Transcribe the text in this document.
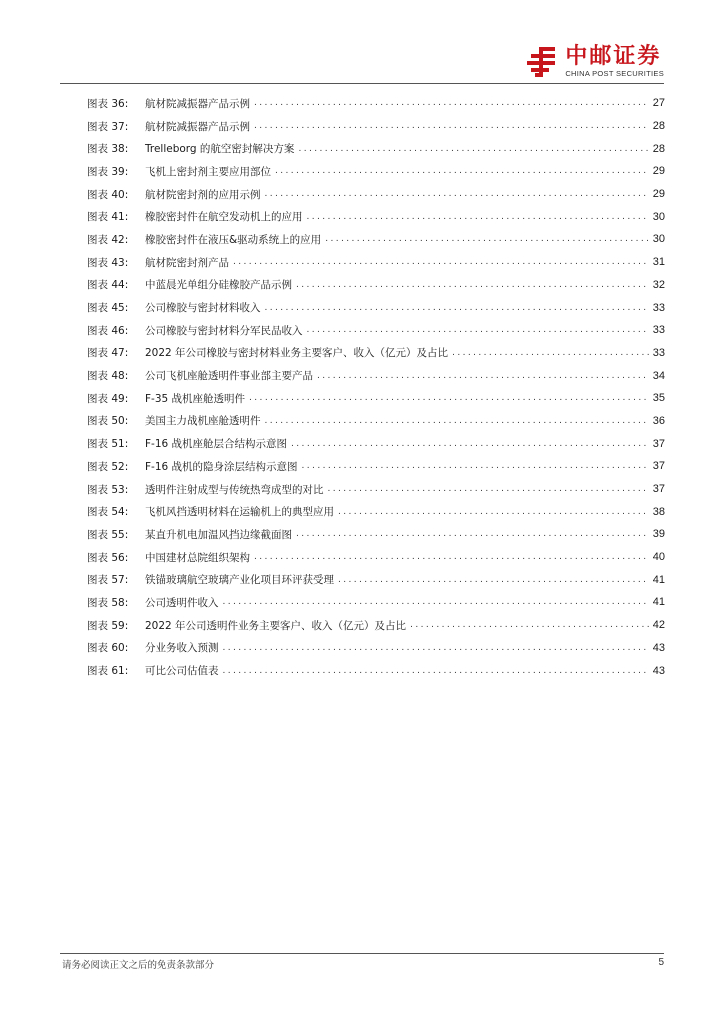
中邮证券
CHINA POST SECURITIES
图表 36:	航材院减振器产品示例 .....	27
图表 37:	航材院减振器产品示例 .....	28
图表 38:	Trelleborg 的航空密封解决方案 .....	28
图表 39:	飞机上密封剂主要应用部位 .....	29
图表 40:	航材院密封剂的应用示例 .....	29
图表 41:	橡胶密封件在航空发动机上的应用 .....	30
图表 42:	橡胶密封件在液压&驱动系统上的应用 .....	30
图表 43:	航材院密封剂产品 .....	31
图表 44:	中蓝晨光单组分硅橡胶产品示例 .....	32
图表 45:	公司橡胶与密封材料收入 .....	33
图表 46:	公司橡胶与密封材料分军民品收入 .....	33
图表 47:	2022 年公司橡胶与密封材料业务主要客户、收入（亿元）及占比 .....	33
图表 48:	公司飞机座舱透明件事业部主要产品 .....	34
图表 49:	F-35 战机座舱透明件 .....	35
图表 50:	美国主力战机座舱透明件 .....	36
图表 51:	F-16 战机座舱层合结构示意图 .....	37
图表 52:	F-16 战机的隐身涂层结构示意图 .....	37
图表 53:	透明件注射成型与传统热弯成型的对比 .....	37
图表 54:	飞机风挡透明材料在运输机上的典型应用 .....	38
图表 55:	某直升机电加温风挡边缘截面图 .....	39
图表 56:	中国建材总院组织架构 .....	40
图表 57:	铁锚玻璃航空玻璃产业化项目环评获受理 .....	41
图表 58:	公司透明件收入 .....	41
图表 59:	2022 年公司透明件业务主要客户、收入（亿元）及占比 .....	42
图表 60:	分业务收入预测 .....	43
图表 61:	可比公司估值表 .....	43
请务必阅读正文之后的免责条款部分	5
